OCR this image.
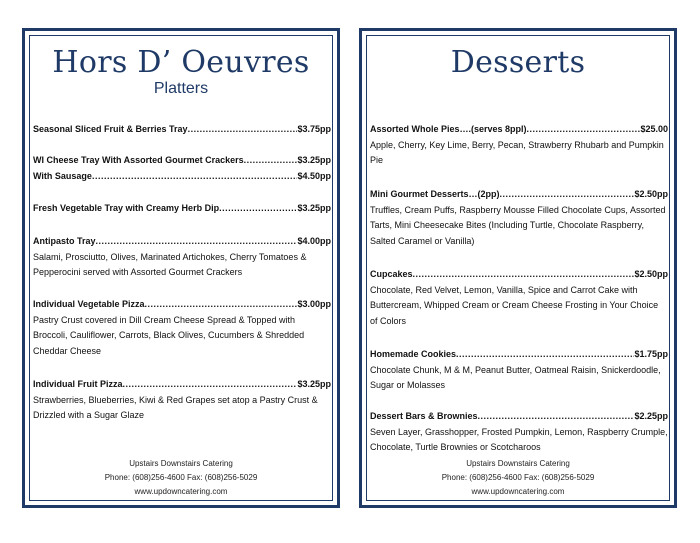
Hors D’ Oeuvres
Platters
Seasonal Sliced Fruit & Berries Tray .....	$3.75pp
WI Cheese Tray With Assorted Gourmet Crackers .....	$3.25pp
With Sausage .....	$4.50pp
Fresh Vegetable Tray with Creamy Herb Dip .....	$3.25pp
Antipasto Tray .....	$4.00pp
Salami, Prosciutto, Olives, Marinated Artichokes, Cherry Tomatoes & Pepperocini served with Assorted Gourmet Crackers
Individual Vegetable Pizza .....	$3.00pp
Pastry Crust covered in Dill Cream Cheese Spread & Topped with Broccoli, Cauliflower, Carrots, Black Olives, Cucumbers & Shredded Cheddar Cheese
Individual Fruit Pizza .....	$3.25pp
Strawberries, Blueberries, Kiwi & Red Grapes set atop a Pastry Crust & Drizzled with a Sugar Glaze
Upstairs Downstairs Catering
Phone: (608)256-4600 Fax: (608)256-5029
www.updowncatering.com
Desserts
Assorted Whole Pies….(serves 8ppl) .....	$25.00
Apple, Cherry, Key Lime, Berry, Pecan, Strawberry Rhubarb and Pumpkin Pie
Mini Gourmet Desserts…(2pp) .....	$2.50pp
Truffles, Cream Puffs, Raspberry Mousse Filled Chocolate Cups, Assorted Tarts, Mini Cheesecake Bites (Including Turtle, Chocolate Raspberry, Salted Caramel or Vanilla)
Cupcakes .....	$2.50pp
Chocolate, Red Velvet, Lemon, Vanilla, Spice and Carrot Cake with Buttercream, Whipped Cream or Cream Cheese Frosting in Your Choice of Colors
Homemade Cookies .....	$1.75pp
Chocolate Chunk, M & M, Peanut Butter, Oatmeal Raisin, Snickerdoodle, Sugar or Molasses
Dessert Bars & Brownies .....	$2.25pp
Seven Layer, Grasshopper, Frosted Pumpkin, Lemon, Raspberry Crumple, Chocolate, Turtle Brownies or Scotcharoos
Upstairs Downstairs Catering
Phone: (608)256-4600 Fax: (608)256-5029
www.updowncatering.com
